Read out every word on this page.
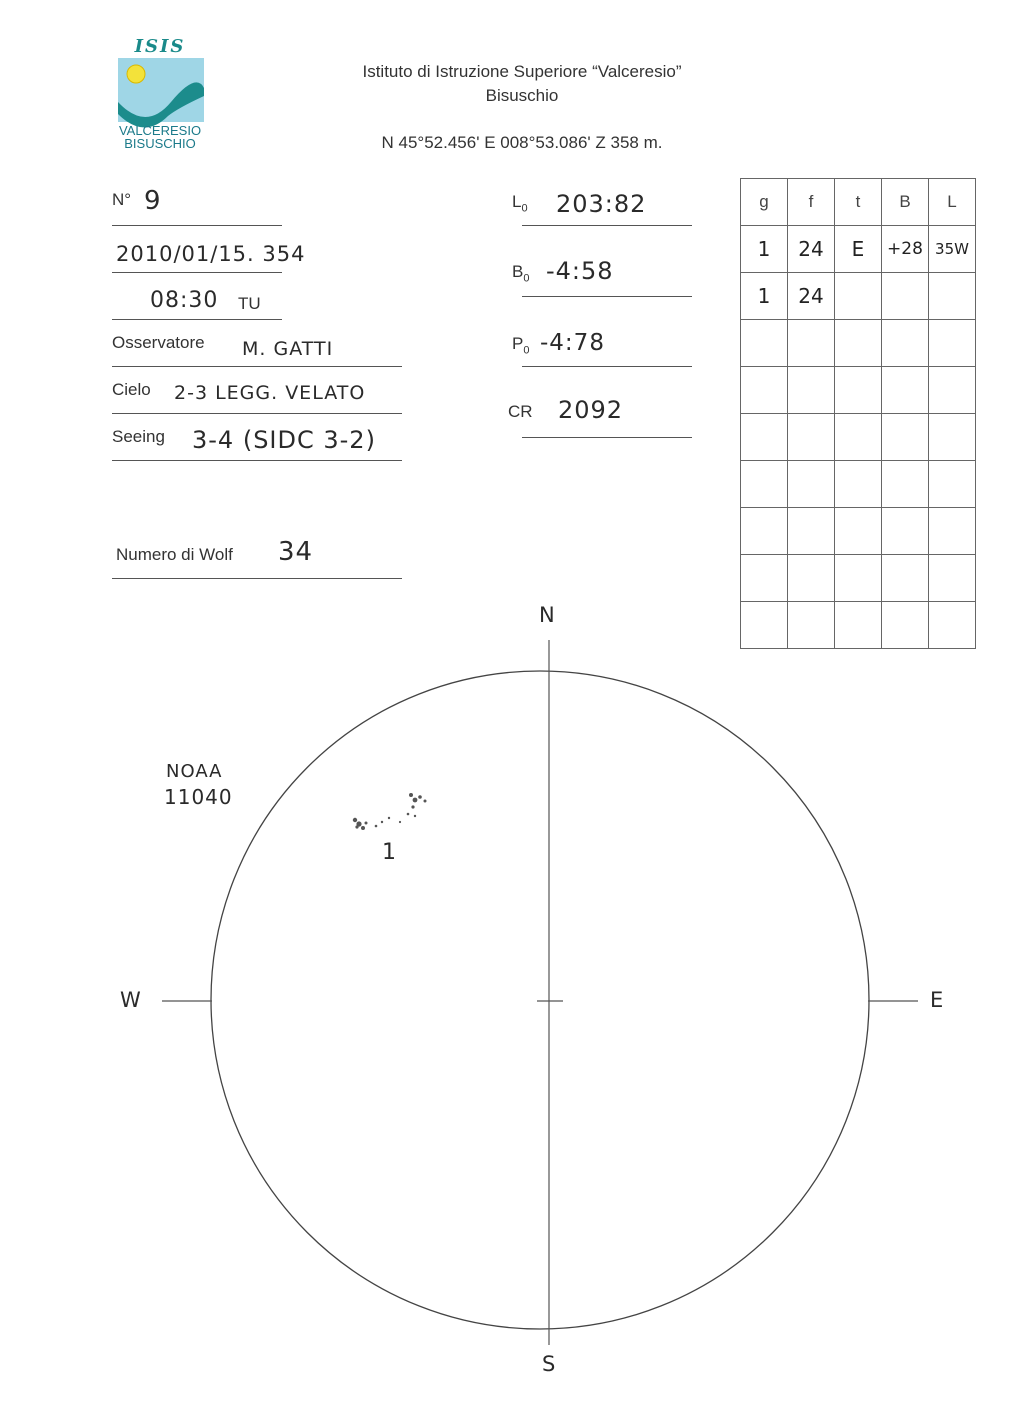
ISIS
VALCERESIO
BISUSCHIO
Istituto di Istruzione Superiore “Valceresio”
Bisuschio
N 45°52.456' E 008°53.086' Z 358 m.
N° 9
2010/01/15. 354
08:30 TU
Osservatore M. GATTI
Cielo 2-3 LEGG. VELATO
Seeing 3-4 (SIDC 3-2)
Numero di Wolf 34
$L_0$ 203:82
$B_0$ -4:58
$P_0$ -4:78
CR 2092
g	f	t	B	L
1	24	E	+28	35W
1	24			

N
S
W	E
NOAA
11040
1
